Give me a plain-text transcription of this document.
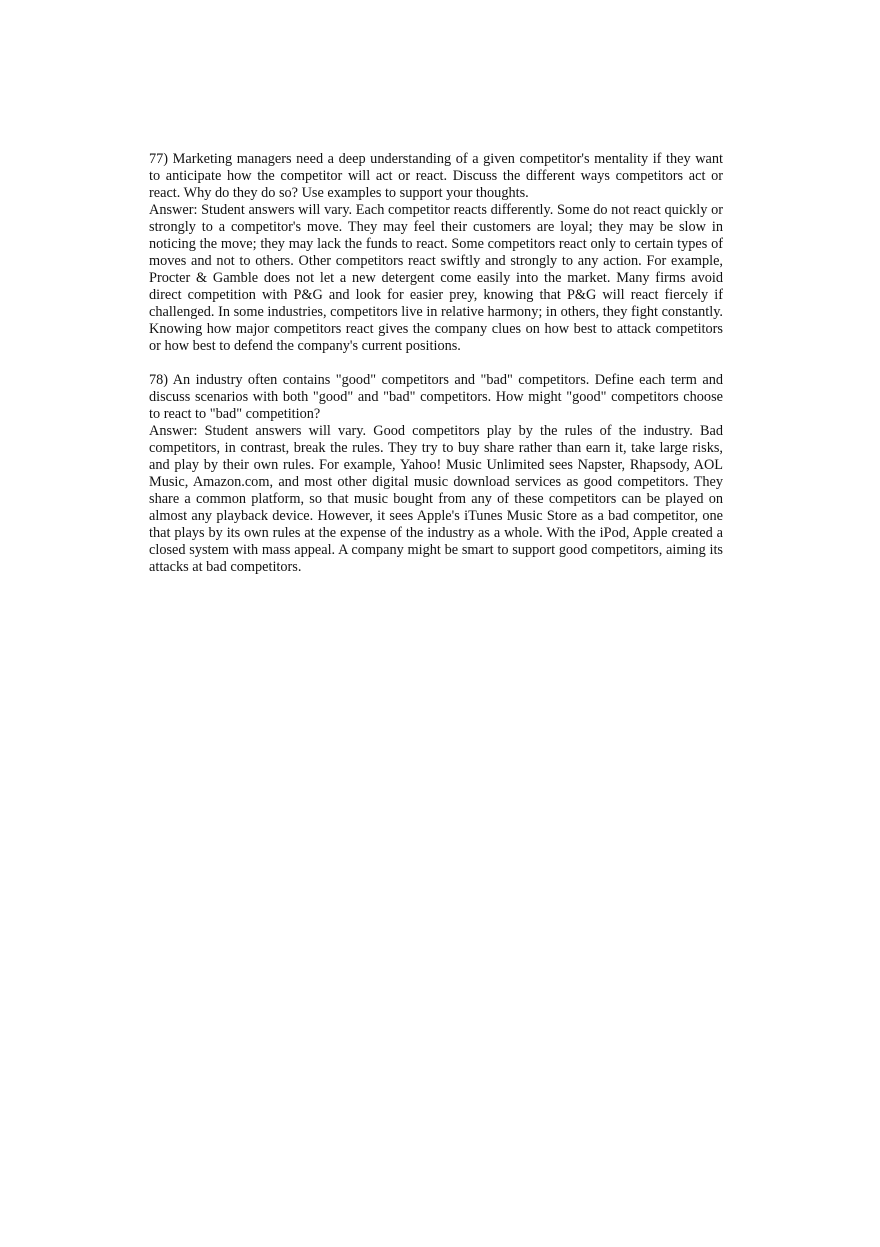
77) Marketing managers need a deep understanding of a given competitor's mentality if they want to anticipate how the competitor will act or react. Discuss the different ways competitors act or react. Why do they do so? Use examples to support your thoughts.

Answer: Student answers will vary. Each competitor reacts differently. Some do not react quickly or strongly to a competitor's move. They may feel their customers are loyal; they may be slow in noticing the move; they may lack the funds to react. Some competitors react only to certain types of moves and not to others. Other competitors react swiftly and strongly to any action. For example, Procter & Gamble does not let a new detergent come easily into the market. Many firms avoid direct competition with P&G and look for easier prey, knowing that P&G will react fiercely if challenged. In some industries, competitors live in relative harmony; in others, they fight constantly. Knowing how major competitors react gives the company clues on how best to attack competitors or how best to defend the company's current positions.

78) An industry often contains "good" competitors and "bad" competitors. Define each term and discuss scenarios with both "good" and "bad" competitors. How might "good" competitors choose to react to "bad" competition?

Answer: Student answers will vary. Good competitors play by the rules of the industry. Bad competitors, in contrast, break the rules. They try to buy share rather than earn it, take large risks, and play by their own rules. For example, Yahoo! Music Unlimited sees Napster, Rhapsody, AOL Music, Amazon.com, and most other digital music download services as good competitors. They share a common platform, so that music bought from any of these competitors can be played on almost any playback device. However, it sees Apple's iTunes Music Store as a bad competitor, one that plays by its own rules at the expense of the industry as a whole. With the iPod, Apple created a closed system with mass appeal. A company might be smart to support good competitors, aiming its attacks at bad competitors.
